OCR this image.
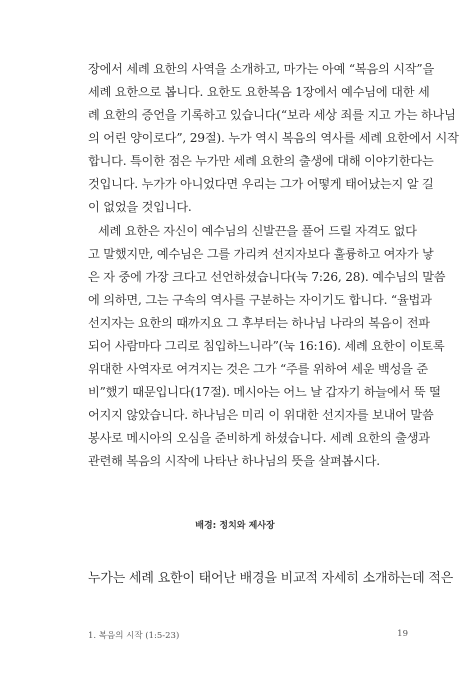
장에서 세례 요한의 사역을 소개하고, 마가는 아예 “복음의 시작”을
세례 요한으로 봅니다. 요한도 요한복음 1장에서 예수님에 대한 세
례 요한의 증언을 기록하고 있습니다(“보라 세상 죄를 지고 가는 하나님
의 어린 양이로다”, 29절). 누가 역시 복음의 역사를 세례 요한에서 시작
합니다. 특이한 점은 누가만 세례 요한의 출생에 대해 이야기한다는
것입니다. 누가가 아니었다면 우리는 그가 어떻게 태어났는지 알 길
이 없었을 것입니다.
세례 요한은 자신이 예수님의 신발끈을 풀어 드릴 자격도 없다
고 말했지만, 예수님은 그를 가리켜 선지자보다 훌륭하고 여자가 낳
은 자 중에 가장 크다고 선언하셨습니다(눅 7:26, 28). 예수님의 말씀
에 의하면, 그는 구속의 역사를 구분하는 자이기도 합니다. “율법과
선지자는 요한의 때까지요 그 후부터는 하나님 나라의 복음이 전파
되어 사람마다 그리로 침입하느니라”(눅 16:16). 세례 요한이 이토록
위대한 사역자로 여겨지는 것은 그가 “주를 위하여 세운 백성을 준
비”했기 때문입니다(17절). 메시아는 어느 날 갑자기 하늘에서 뚝 떨
어지지 않았습니다. 하나님은 미리 이 위대한 선지자를 보내어 말씀
봉사로 메시아의 오심을 준비하게 하셨습니다. 세례 요한의 출생과
관련해 복음의 시작에 나타난 하나님의 뜻을 살펴봅시다.
배경: 정치와 제사장
누가는 세례 요한이 태어난 배경을 비교적 자세히 소개하는데 적은
1. 복음의 시작 (1:5-23)	19
